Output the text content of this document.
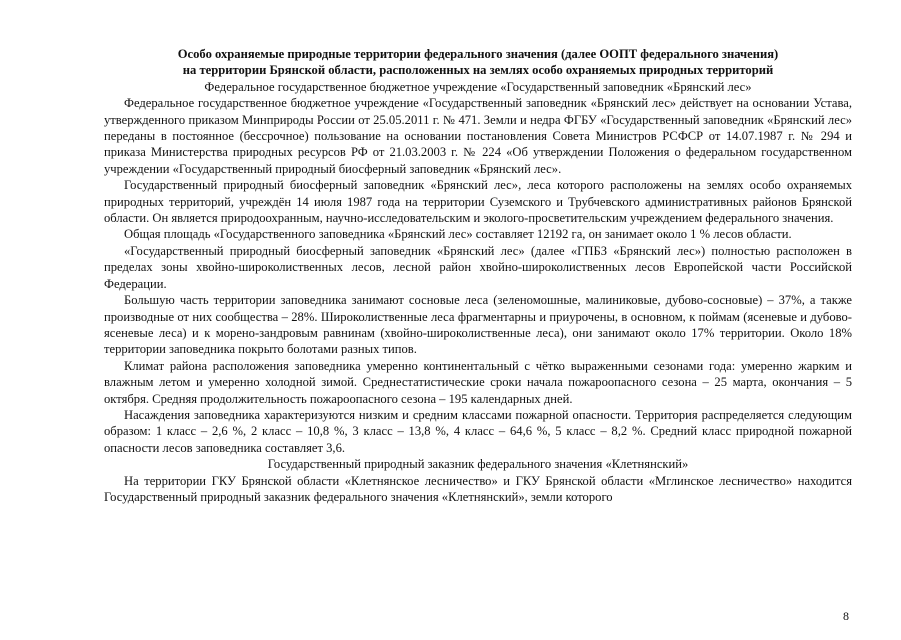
Особо охраняемые природные территории федерального значения (далее ООПТ федерального значения)
на территории Брянской области, расположенных на землях особо охраняемых природных территорий
Федеральное государственное бюджетное учреждение «Государственный заповедник «Брянский лес»

Федеральное государственное бюджетное учреждение «Государственный заповедник «Брянский лес» действует на основании Устава, утвержденного приказом Минприроды России от 25.05.2011 г. № 471. Земли и недра ФГБУ «Государственный заповедник «Брянский лес» переданы в постоянное (бессрочное) пользование на основании постановления Совета Министров РСФСР от 14.07.1987 г. № 294 и приказа Министерства природных ресурсов РФ от 21.03.2003 г. № 224 «Об утверждении Положения о федеральном государственном учреждении «Государственный природный биосферный заповедник «Брянский лес».

Государственный природный биосферный заповедник «Брянский лес», леса которого расположены на землях особо охраняемых природных территорий, учреждён 14 июля 1987 года на территории Суземского и Трубчевского административных районов Брянской области. Он является природоохранным, научно-исследовательским и эколого-просветительским учреждением федерального значения.

Общая площадь «Государственного заповедника «Брянский лес» составляет 12192 га, он занимает около 1 % лесов области.

«Государственный природный биосферный заповедник «Брянский лес» (далее «ГПБЗ «Брянский лес») полностью расположен в пределах зоны хвойно-широколиственных лесов, лесной район хвойно-широколиственных лесов Европейской части Российской Федерации.

Большую часть территории заповедника занимают сосновые леса (зеленомошные, малиниковые, дубово-сосновые) – 37%, а также производные от них сообщества – 28%. Широколиственные леса фрагментарны и приурочены, в основном, к поймам (ясеневые и дубово-ясеневые леса) и к морено-зандровым равнинам (хвойно-широколиственные леса), они занимают около 17% территории. Около 18% территории заповедника покрыто болотами разных типов.

Климат района расположения заповедника умеренно континентальный с чётко выраженными сезонами года: умеренно жарким и влажным летом и умеренно холодной зимой. Среднестатистические сроки начала пожароопасного сезона – 25 марта, окончания – 5 октября. Средняя продолжительность пожароопасного сезона – 195 календарных дней.

Насаждения заповедника характеризуются низким и средним классами пожарной опасности. Территория распределяется следующим образом: 1 класс – 2,6 %, 2 класс – 10,8 %, 3 класс – 13,8 %, 4 класс – 64,6 %, 5 класс – 8,2 %. Средний класс природной пожарной опасности лесов заповедника составляет 3,6.

Государственный природный заказник федерального значения «Клетнянский»

На территории ГКУ Брянской области «Клетнянское лесничество» и ГКУ Брянской области «Мглинское лесничество» находится Государственный природный заказник федерального значения «Клетнянский», земли которого

8
